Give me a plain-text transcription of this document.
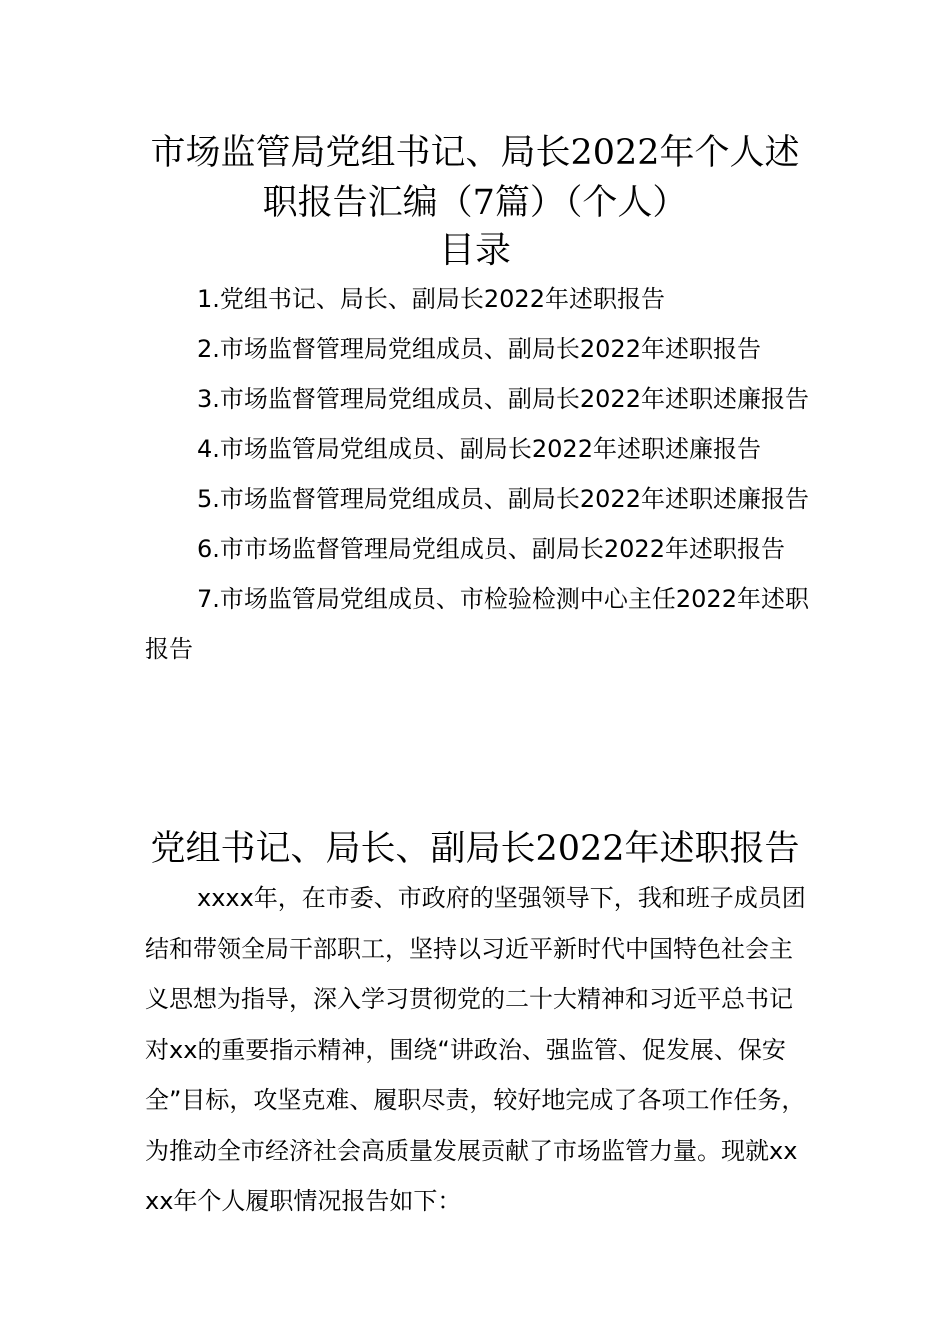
市场监管局党组书记、局长2022年个人述
职报告汇编（7篇）（个人）
目录
1.党组书记、局长、副局长2022年述职报告
2.市场监督管理局党组成员、副局长2022年述职报告
3.市场监督管理局党组成员、副局长2022年述职述廉报告
4.市场监管局党组成员、副局长2022年述职述廉报告
5.市场监督管理局党组成员、副局长2022年述职述廉报告
6.市市场监督管理局党组成员、副局长2022年述职报告
7.市场监管局党组成员、市检验检测中心主任2022年述职报告
党组书记、局长、副局长2022年述职报告

xxxx年，在市委、市政府的坚强领导下，我和班子成员团结和带领全局干部职工，坚持以习近平新时代中国特色社会主义思想为指导，深入学习贯彻党的二十大精神和习近平总书记对xx的重要指示精神，围绕“讲政治、强监管、促发展、保安全”目标，攻坚克难、履职尽责，较好地完成了各项工作任务，为推动全市经济社会高质量发展贡献了市场监管力量。现就xxxx年个人履职情况报告如下：
